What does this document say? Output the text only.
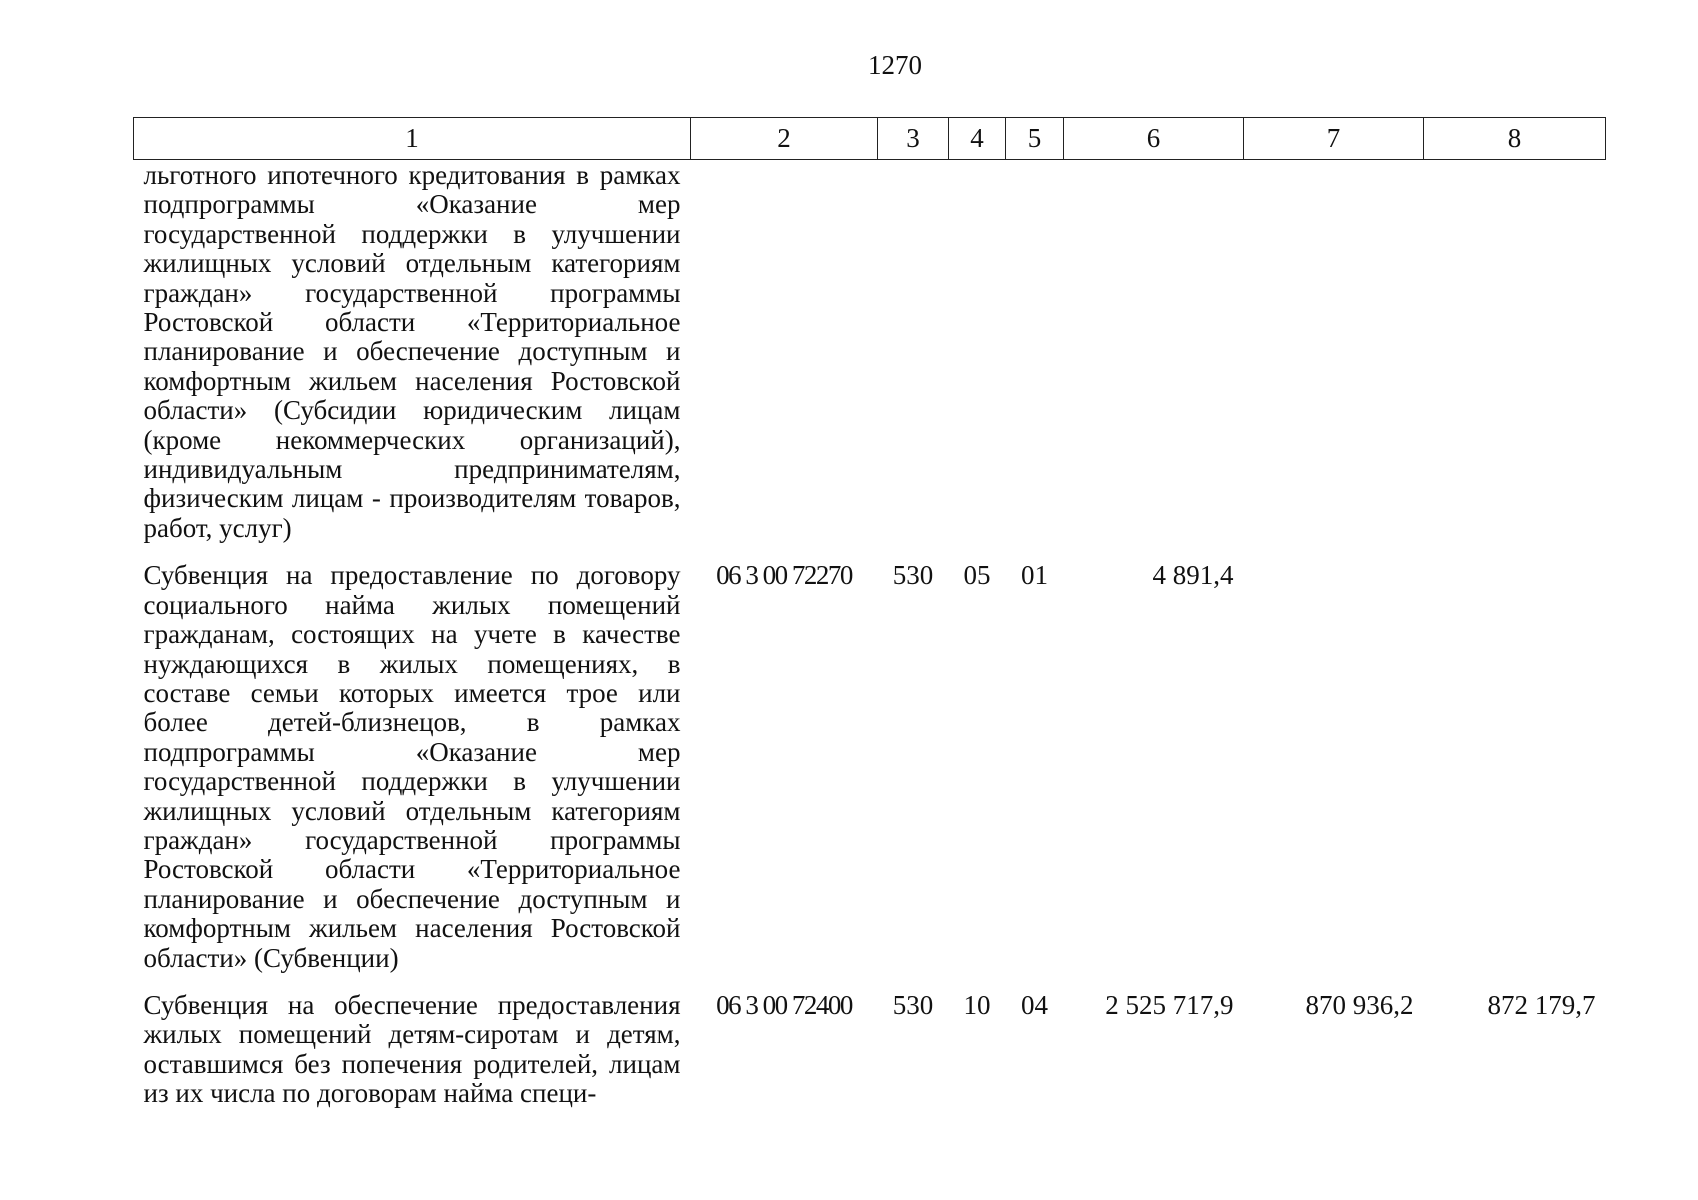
1270
1	2	3	4	5	6	7	8

льготного ипотечного кредитования в рамках подпрограммы «Оказание мер государственной поддержки в улучшении жилищных условий отдельным категориям граждан» государственной программы Ростовской области «Территориальное планирование и обеспечение доступным и комфортным жильем населения Ростовской области» (Субсидии юридическим лицам (кроме некоммерческих организаций), индивидуальным предпринимателям, физическим лицам - производителям товаров, работ, услуг)							

Субвенция на предоставление по договору социального найма жилых помещений гражданам, состоящих на учете в качестве нуждающихся в жилых помещениях, в составе семьи которых имеется трое или более детей-близнецов, в рамках подпрограммы «Оказание мер государственной поддержки в улучшении жилищных условий отдельным категориям граждан» государственной программы Ростовской области «Территориальное планирование и обеспечение доступным и комфортным жильем населения Ростовской области» (Субвенции)	06 3 00 72270	530	05	01	4 891,4		

Субвенция на обеспечение предоставления жилых помещений детям-сиротам и детям, оставшимся без попечения родителей, лицам из их числа по договорам найма специ-	06 3 00 72400	530	10	04	2 525 717,9	870 936,2	872 179,7
